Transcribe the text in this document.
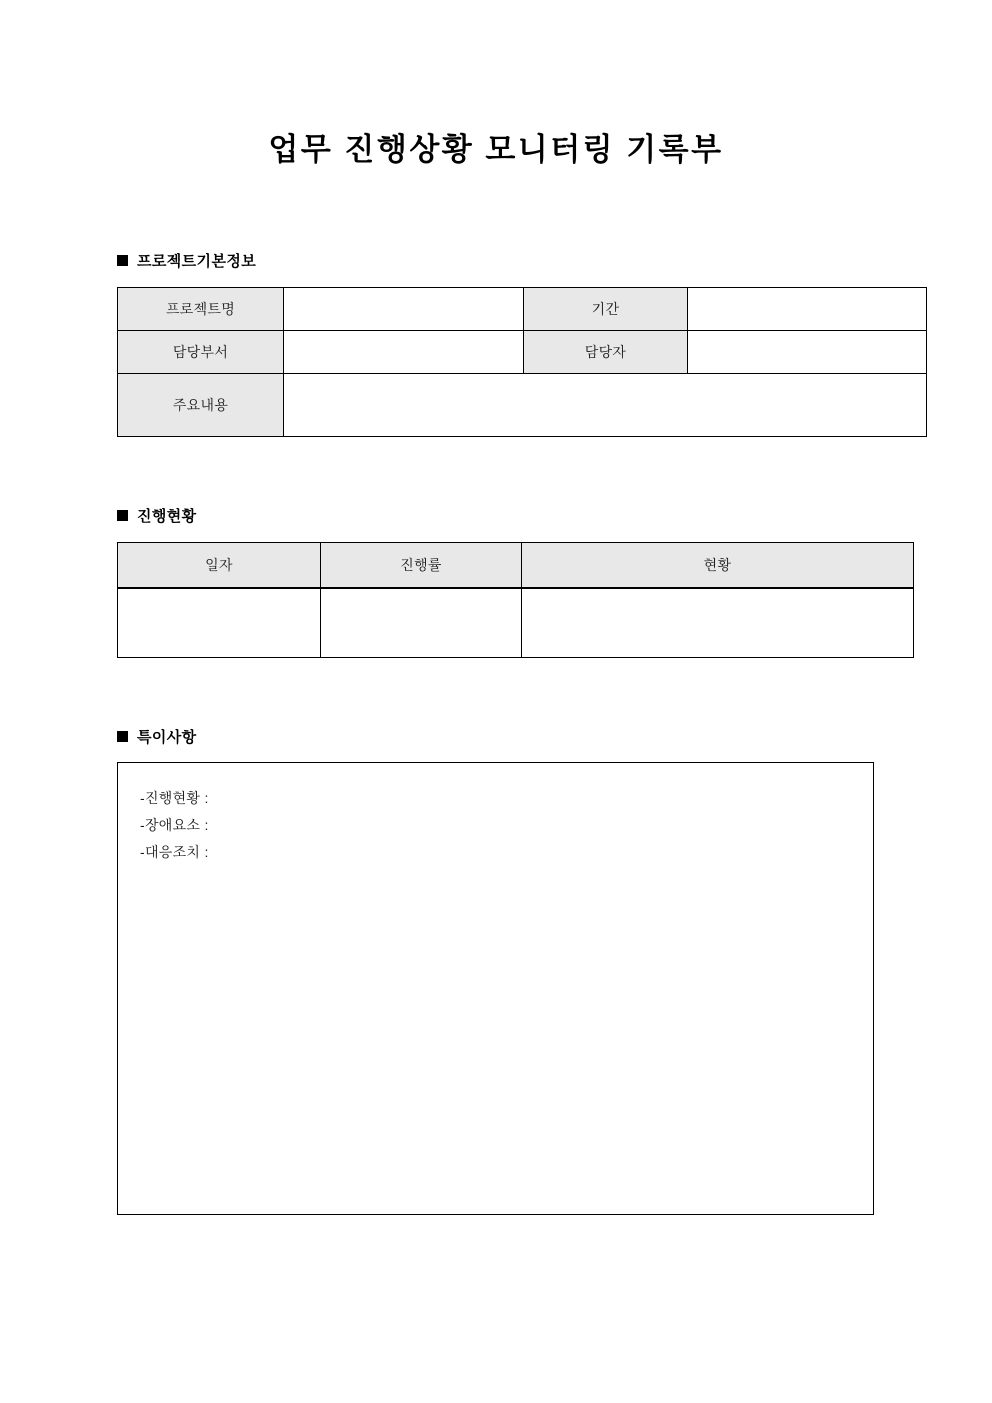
업무 진행상황 모니터링 기록부
프로젝트기본정보
프로젝트명		기간	
담당부서		담당자	
주요내용			
진행현황
일자	진행률	현황

특이사항
-진행현황 :
-장애요소 :
-대응조치 :
